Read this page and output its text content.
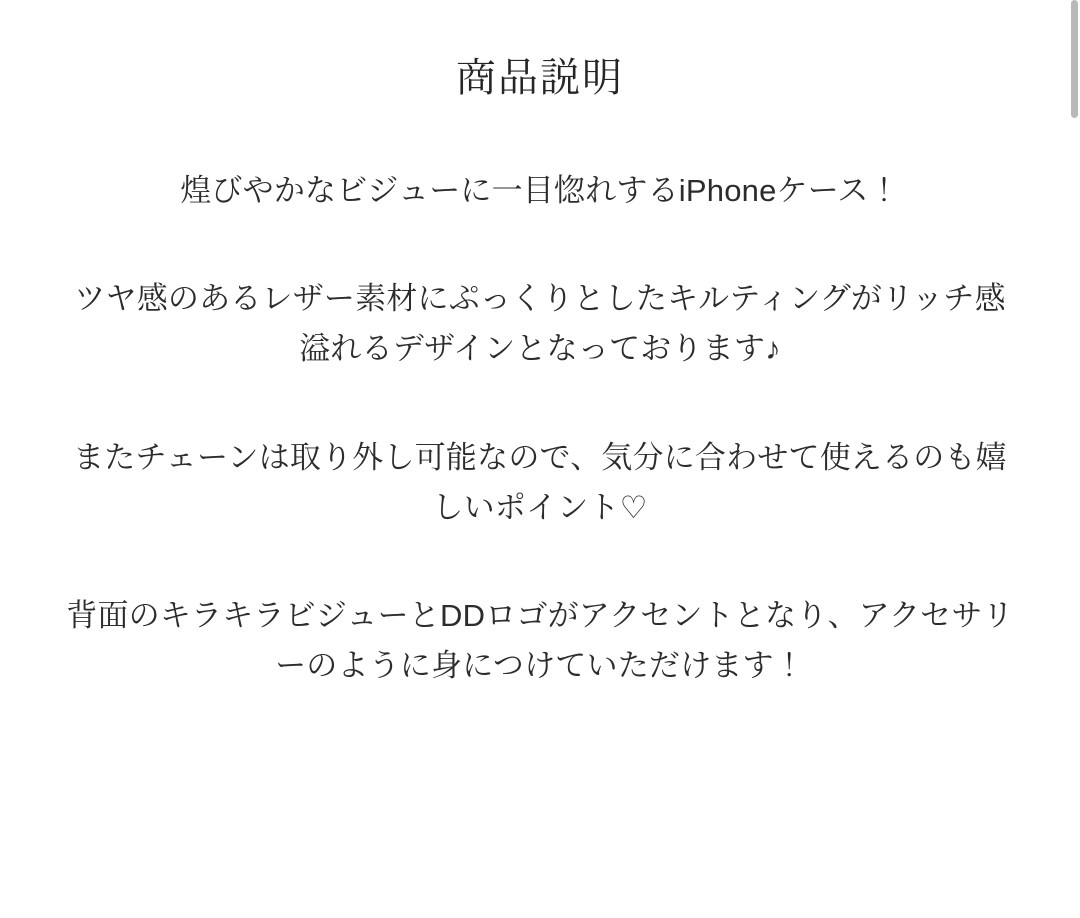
商品説明

煌びやかなビジューに一目惚れするiPhoneケース！

ツヤ感のあるレザー素材にぷっくりとしたキルティングがリッチ感溢れるデザインとなっております♪

またチェーンは取り外し可能なので、気分に合わせて使えるのも嬉しいポイント♡

背面のキラキラビジューとDDロゴがアクセントとなり、アクセサリーのように身につけていただけます！
